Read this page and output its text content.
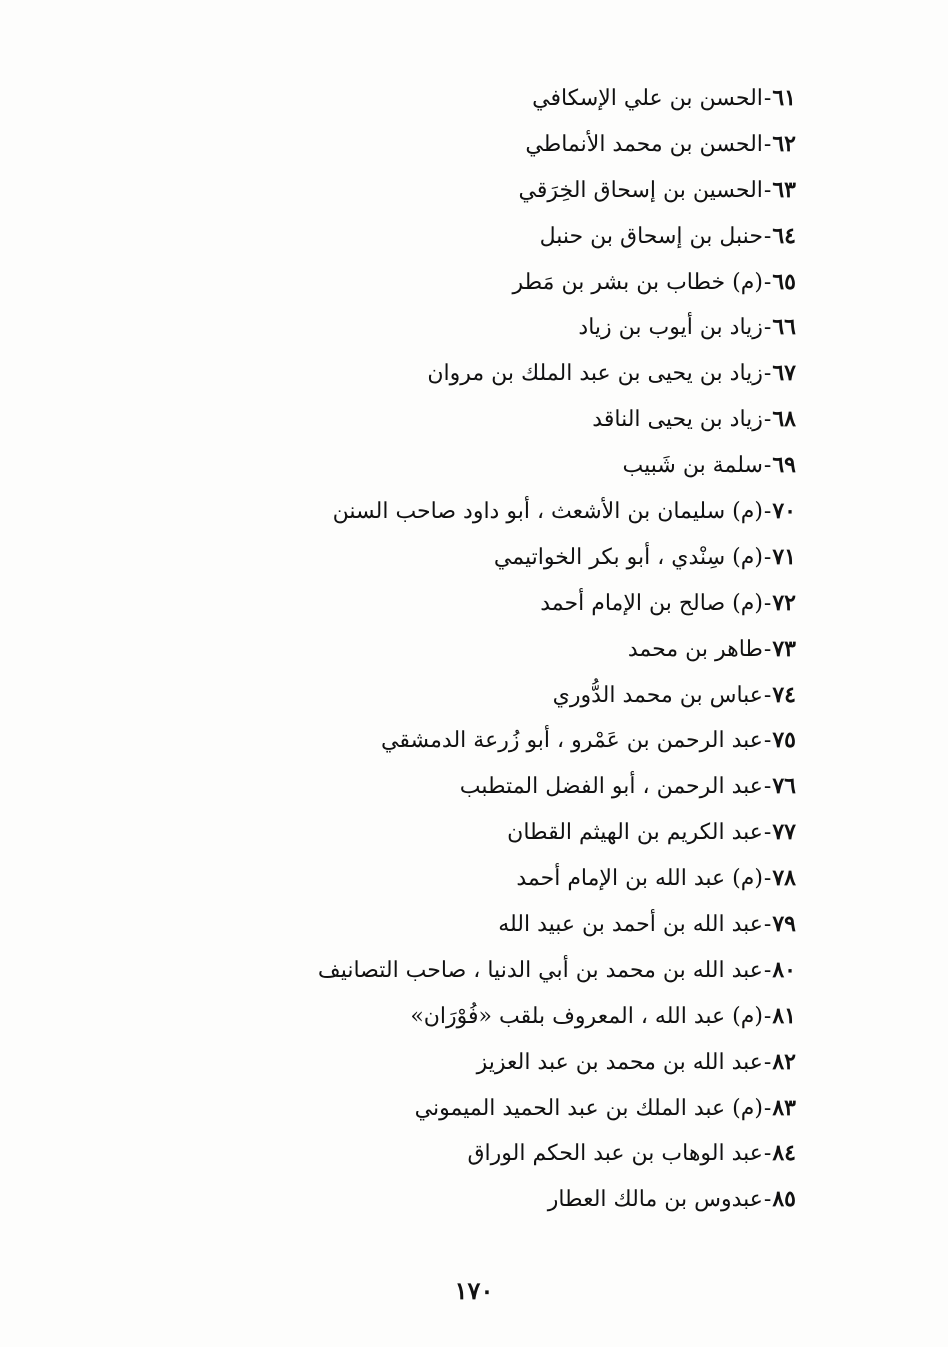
٦١-الحسن بن علي الإسكافي
٦٢-الحسن بن محمد الأنماطي
٦٣-الحسين بن إسحاق الخِرَقي
٦٤-حنبل بن إسحاق بن حنبل
٦٥-(م) خطاب بن بشر بن مَطر
٦٦-زياد بن أيوب بن زياد
٦٧-زياد بن يحيى بن عبد الملك بن مروان
٦٨-زياد بن يحيى الناقد
٦٩-سلمة بن شَبيب
٧٠-(م) سليمان بن الأشعث ، أبو داود صاحب السنن
٧١-(م) سِنْدي ، أبو بكر الخواتيمي
٧٢-(م) صالح بن الإمام أحمد
٧٣-طاهر بن محمد
٧٤-عباس بن محمد الدُّوري
٧٥-عبد الرحمن بن عَمْرو ، أبو زُرعة الدمشقي
٧٦-عبد الرحمن ، أبو الفضل المتطبب
٧٧-عبد الكريم بن الهيثم القطان
٧٨-(م) عبد الله بن الإمام أحمد
٧٩-عبد الله بن أحمد بن عبيد الله
٨٠-عبد الله بن محمد بن أبي الدنيا ، صاحب التصانيف
٨١-(م) عبد الله ، المعروف بلقب «فُوْرَان»
٨٢-عبد الله بن محمد بن عبد العزيز
٨٣-(م) عبد الملك بن عبد الحميد الميموني
٨٤-عبد الوهاب بن عبد الحكم الوراق
٨٥-عبدوس بن مالك العطار
١٧٠
